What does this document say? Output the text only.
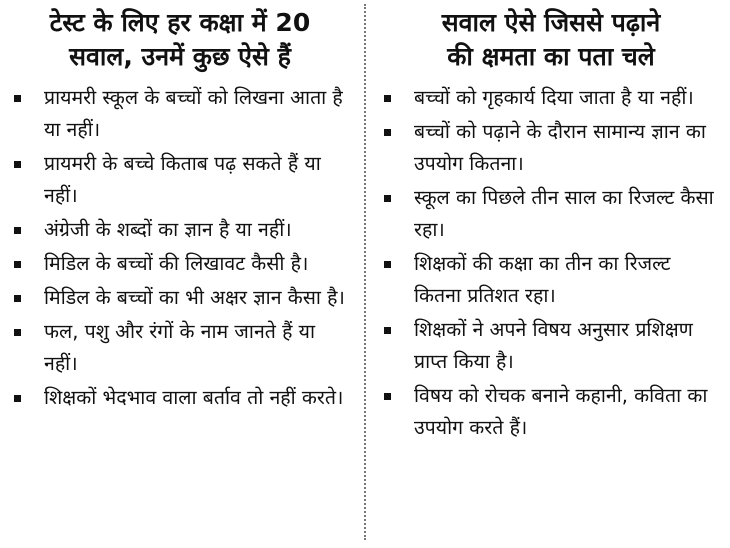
टेस्ट के लिए हर कक्षा में 20
सवाल, उनमें कुछ ऐसे हैं
प्रायमरी स्कूल के बच्चों को लिखना आता है या नहीं।
प्रायमरी के बच्चे किताब पढ़ सकते हैं या नहीं।
अंग्रेजी के शब्दों का ज्ञान है या नहीं।
मिडिल के बच्चों की लिखावट कैसी है।
मिडिल के बच्चों का भी अक्षर ज्ञान कैसा है।
फल, पशु और रंगों के नाम जानते हैं या नहीं।
शिक्षकों भेदभाव वाला बर्ताव तो नहीं करते।
सवाल ऐसे जिससे पढ़ाने
की क्षमता का पता चले
बच्चों को गृहकार्य दिया जाता है या नहीं।
बच्चों को पढ़ाने के दौरान सामान्य ज्ञान का उपयोग कितना।
स्कूल का पिछले तीन साल का रिजल्ट कैसा रहा।
शिक्षकों की कक्षा का तीन का रिजल्ट कितना प्रतिशत रहा।
शिक्षकों ने अपने विषय अनुसार प्रशिक्षण प्राप्त किया है।
विषय को रोचक बनाने कहानी, कविता का उपयोग करते हैं।
